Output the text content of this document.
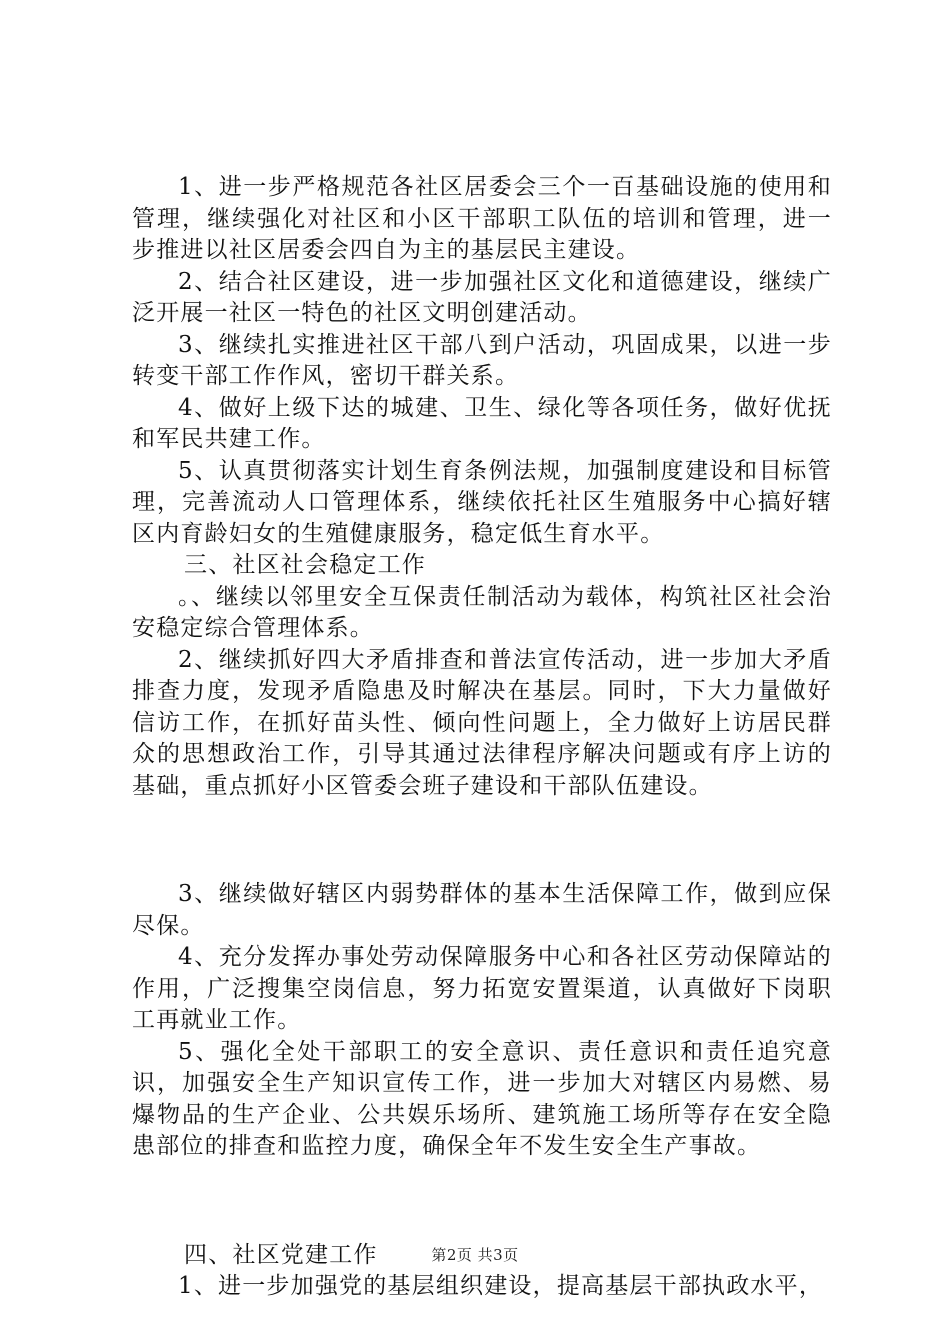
1、进一步严格规范各社区居委会三个一百基础设施的使用和管理，继续强化对社区和小区干部职工队伍的培训和管理，进一步推进以社区居委会四自为主的基层民主建设。

2、结合社区建设，进一步加强社区文化和道德建设，继续广泛开展一社区一特色的社区文明创建活动。

3、继续扎实推进社区干部八到户活动，巩固成果，以进一步转变干部工作作风，密切干群关系。

4、做好上级下达的城建、卫生、绿化等各项任务，做好优抚和军民共建工作。

5、认真贯彻落实计划生育条例法规，加强制度建设和目标管理，完善流动人口管理体系，继续依托社区生殖服务中心搞好辖区内育龄妇女的生殖健康服务，稳定低生育水平。

三、社区社会稳定工作

。、继续以邻里安全互保责任制活动为载体，构筑社区社会治安稳定综合管理体系。

2、继续抓好四大矛盾排查和普法宣传活动，进一步加大矛盾排查力度，发现矛盾隐患及时解决在基层。同时，下大力量做好信访工作，在抓好苗头性、倾向性问题上，全力做好上访居民群众的思想政治工作，引导其通过法律程序解决问题或有序上访的基础，重点抓好小区管委会班子建设和干部队伍建设。

3、继续做好辖区内弱势群体的基本生活保障工作，做到应保尽保。

4、充分发挥办事处劳动保障服务中心和各社区劳动保障站的作用，广泛搜集空岗信息，努力拓宽安置渠道，认真做好下岗职工再就业工作。

5、强化全处干部职工的安全意识、责任意识和责任追究意识，加强安全生产知识宣传工作，进一步加大对辖区内易燃、易爆物品的生产企业、公共娱乐场所、建筑施工场所等存在安全隐患部位的排查和监控力度，确保全年不发生安全生产事故。

四、社区党建工作

1、进一步加强党的基层组织建设，提高基层干部执政水平，

第2页 共3页
